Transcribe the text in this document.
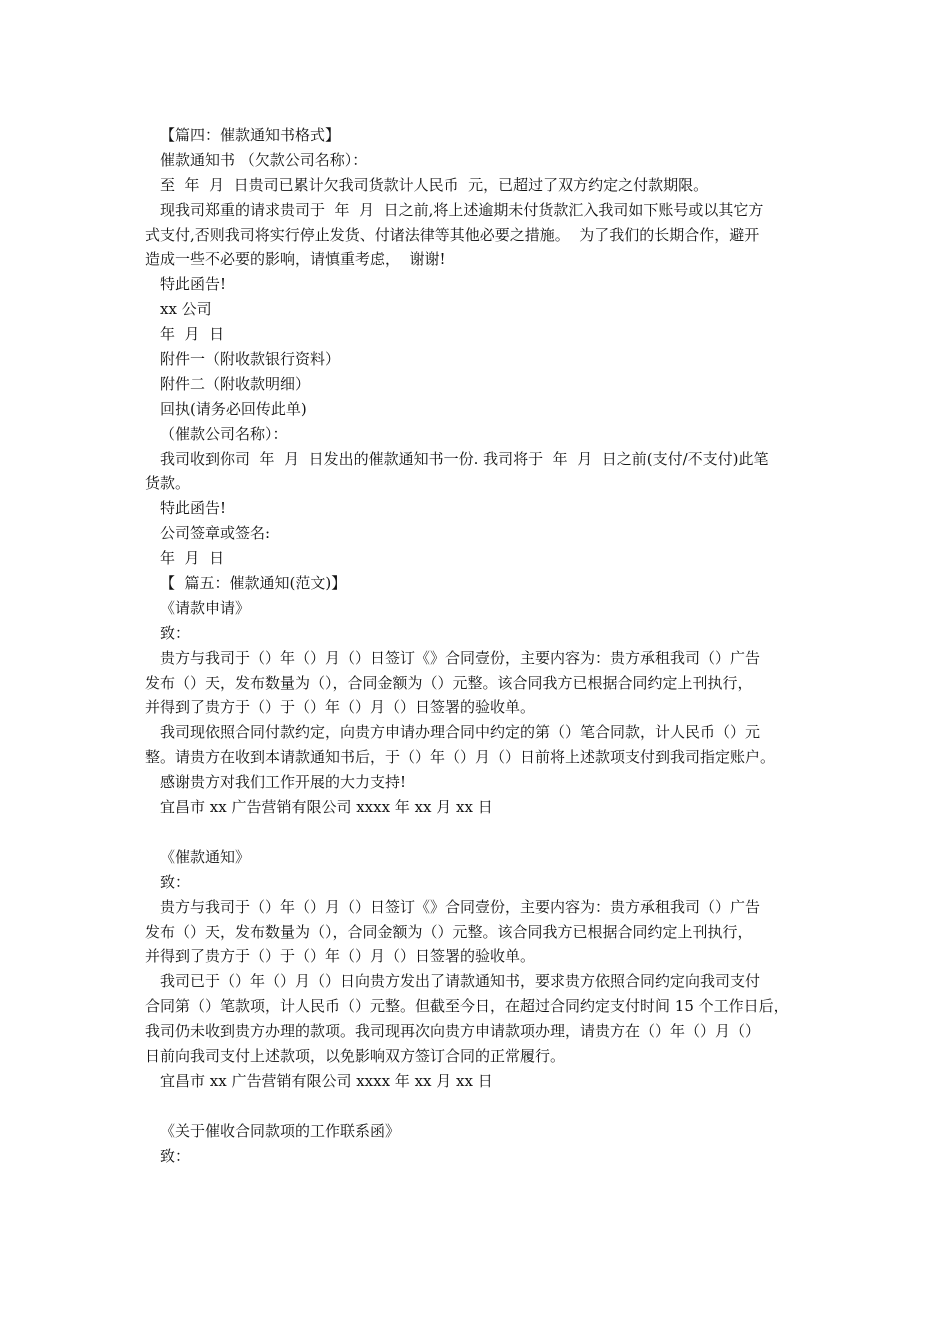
【篇四：催款通知书格式】
催款通知书 （欠款公司名称）：
至  年  月  日贵司已累计欠我司货款计人民币  元，已超过了双方约定之付款期限。
现我司郑重的请求贵司于  年  月  日之前,将上述逾期未付货款汇入我司如下账号或以其它方
式支付,否则我司将实行停止发货、付诸法律等其他必要之措施。  为了我们的长期合作，避开
造成一些不必要的影响，请慎重考虑，  谢谢!
特此函告!
xx 公司
年  月  日
附件一（附收款银行资料）
附件二（附收款明细）
回执(请务必回传此单)
（催款公司名称）：
我司收到你司  年  月  日发出的催款通知书一份. 我司将于  年  月  日之前(支付/不支付)此笔
货款。
特此函告!
公司签章或签名:
年  月  日
【  篇五：催款通知(范文)】
《请款申请》
致：
贵方与我司于（）年（）月（）日签订《》合同壹份，主要内容为：贵方承租我司（）广告
发布（）天，发布数量为（），合同金额为（）元整。该合同我方已根据合同约定上刊执行，
并得到了贵方于（）于（）年（）月（）日签署的验收单。
我司现依照合同付款约定，向贵方申请办理合同中约定的第（）笔合同款，计人民币（）元
整。请贵方在收到本请款通知书后，于（）年（）月（）日前将上述款项支付到我司指定账户。
感谢贵方对我们工作开展的大力支持!
宜昌市 xx 广告营销有限公司 xxxx 年 xx 月 xx 日
《催款通知》
致：
贵方与我司于（）年（）月（）日签订《》合同壹份，主要内容为：贵方承租我司（）广告
发布（）天，发布数量为（），合同金额为（）元整。该合同我方已根据合同约定上刊执行，
并得到了贵方于（）于（）年（）月（）日签署的验收单。
我司已于（）年（）月（）日向贵方发出了请款通知书，要求贵方依照合同约定向我司支付
合同第（）笔款项，计人民币（）元整。但截至今日，在超过合同约定支付时间 15 个工作日后，
我司仍未收到贵方办理的款项。我司现再次向贵方申请款项办理，请贵方在（）年（）月（）
日前向我司支付上述款项，以免影响双方签订合同的正常履行。
宜昌市 xx 广告营销有限公司 xxxx 年 xx 月 xx 日
《关于催收合同款项的工作联系函》
致：
